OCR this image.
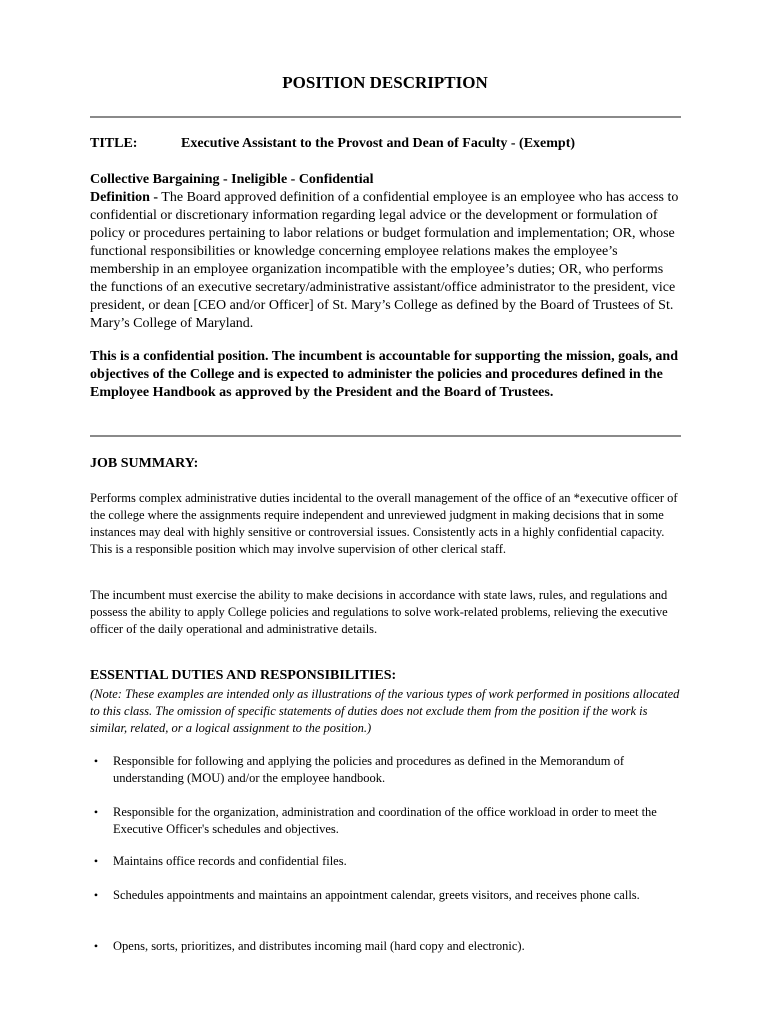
POSITION DESCRIPTION
TITLE:	Executive Assistant to the Provost and Dean of Faculty - (Exempt)
Collective Bargaining - Ineligible - Confidential
Definition - The Board approved definition of a confidential employee is an employee who has access to confidential or discretionary information regarding legal advice or the development or formulation of policy or procedures pertaining to labor relations or budget formulation and implementation; OR, whose functional responsibilities or knowledge concerning employee relations makes the employee’s membership in an employee organization incompatible with the employee’s duties; OR, who performs the functions of an executive secretary/administrative assistant/office administrator to the president, vice president, or dean [CEO and/or Officer] of St. Mary’s College as defined by the Board of Trustees of St. Mary’s College of Maryland.
This is a confidential position. The incumbent is accountable for supporting the mission, goals, and objectives of the College and is expected to administer the policies and procedures defined in the Employee Handbook as approved by the President and the Board of Trustees.
JOB SUMMARY:

Performs complex administrative duties incidental to the overall management of the office of an *executive officer of the college where the assignments require independent and unreviewed judgment in making decisions that in some instances may deal with highly sensitive or controversial issues. Consistently acts in a highly confidential capacity. This is a responsible position which may involve supervision of other clerical staff.

The incumbent must exercise the ability to make decisions in accordance with state laws, rules, and regulations and possess the ability to apply College policies and regulations to solve work-related problems, relieving the executive officer of the daily operational and administrative details.

ESSENTIAL DUTIES AND RESPONSIBILITIES:

(Note: These examples are intended only as illustrations of the various types of work performed in positions allocated to this class. The omission of specific statements of duties does not exclude them from the position if the work is similar, related, or a logical assignment to the position.)

•	Responsible for following and applying the policies and procedures as defined in the Memorandum of understanding (MOU) and/or the employee handbook.
•	Responsible for the organization, administration and coordination of the office workload in order to meet the Executive Officer's schedules and objectives.
•	Maintains office records and confidential files.
•	Schedules appointments and maintains an appointment calendar, greets visitors, and receives phone calls.
•	Opens, sorts, prioritizes, and distributes incoming mail (hard copy and electronic).
